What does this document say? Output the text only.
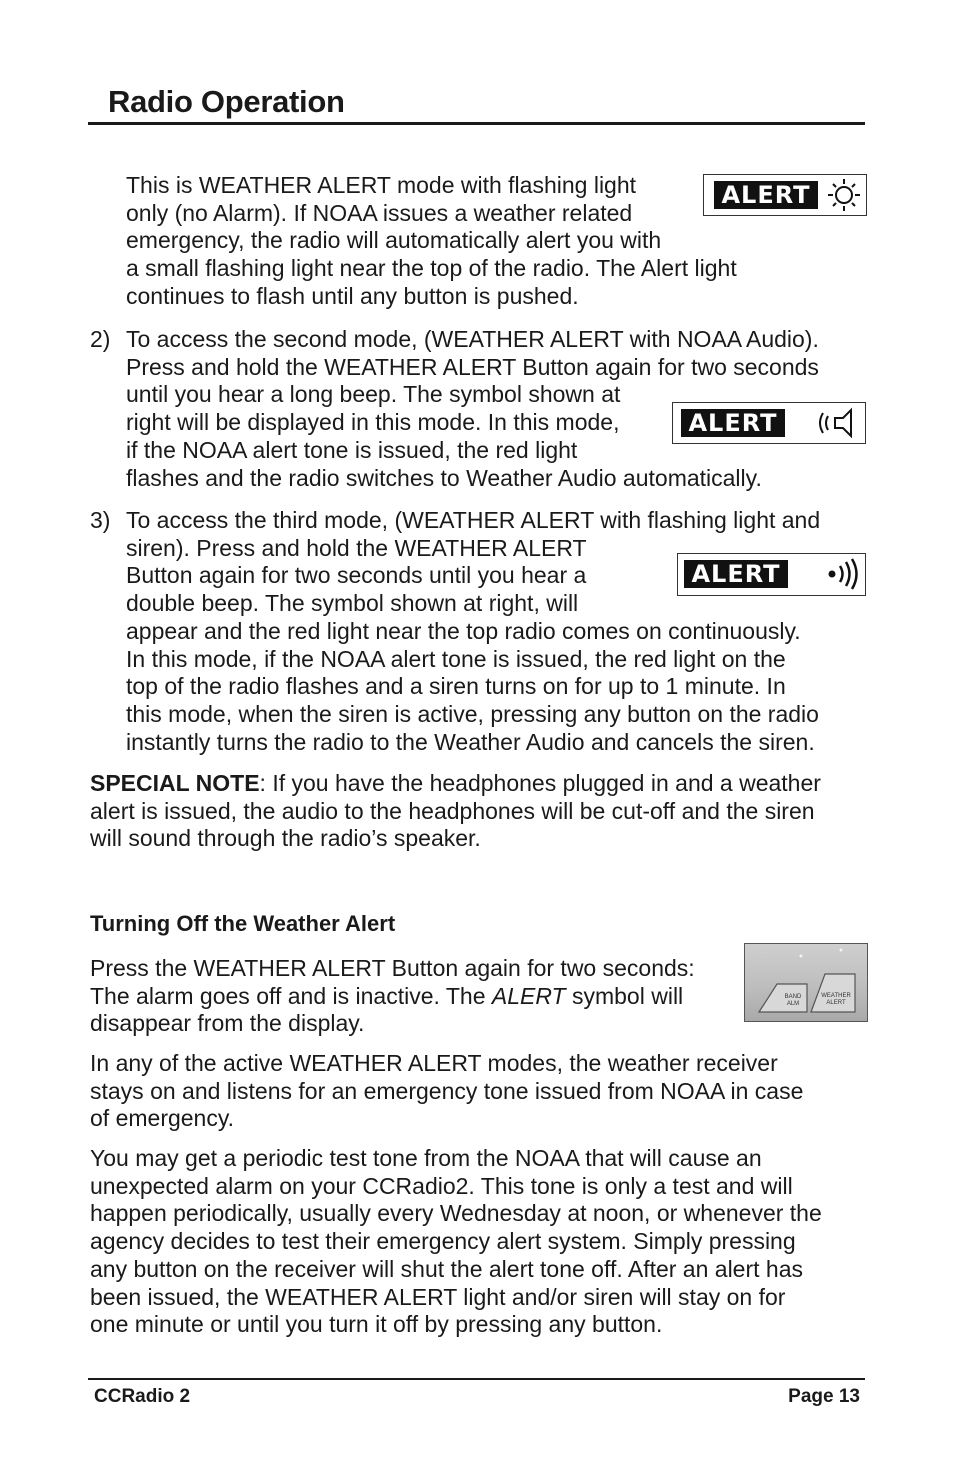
Radio Operation

This is WEATHER ALERT mode with flashing light

only (no Alarm). If NOAA issues a weather related

emergency, the radio will automatically alert you with

a small flashing light near the top of the radio. The Alert light

continues to flash until any button is pushed.

ALERT
2) To access the second mode, (WEATHER ALERT with NOAA Audio).

Press and hold the WEATHER ALERT Button again for two seconds

until you hear a long beep. The symbol shown at

right will be displayed in this mode. In this mode,

if the NOAA alert tone is issued, the red light

flashes and the radio switches to Weather Audio automatically.

ALERT
3) To access the third mode, (WEATHER ALERT with flashing light and

siren). Press and hold the WEATHER ALERT

Button again for two seconds until you hear a

double beep. The symbol shown at right, will

appear and the red light near the top radio comes on continuously.

In this mode, if the NOAA alert tone is issued, the red light on the

top of the radio flashes and a siren turns on for up to 1 minute. In

this mode, when the siren is active, pressing any button on the radio

instantly turns the radio to the Weather Audio and cancels the siren.

ALERT

SPECIAL NOTE: If you have the headphones plugged in and a weather

alert is issued, the audio to the headphones will be cut-off and the siren

will sound through the radio’s speaker.

Turning Off the Weather Alert

Press the WEATHER ALERT Button again for two seconds:

The alarm goes off and is inactive. The ALERT symbol will

disappear from the display.

BAND
ALM
WEATHER
ALERT

In any of the active WEATHER ALERT modes, the weather receiver

stays on and listens for an emergency tone issued from NOAA in case

of emergency.

You may get a periodic test tone from the NOAA that will cause an

unexpected alarm on your CCRadio2. This tone is only a test and will

happen periodically, usually every Wednesday at noon, or whenever the

agency decides to test their emergency alert system. Simply pressing

any button on the receiver will shut the alert tone off. After an alert has

been issued, the WEATHER ALERT light and/or siren will stay on for

one minute or until you turn it off by pressing any button.

CCRadio 2	Page 13
